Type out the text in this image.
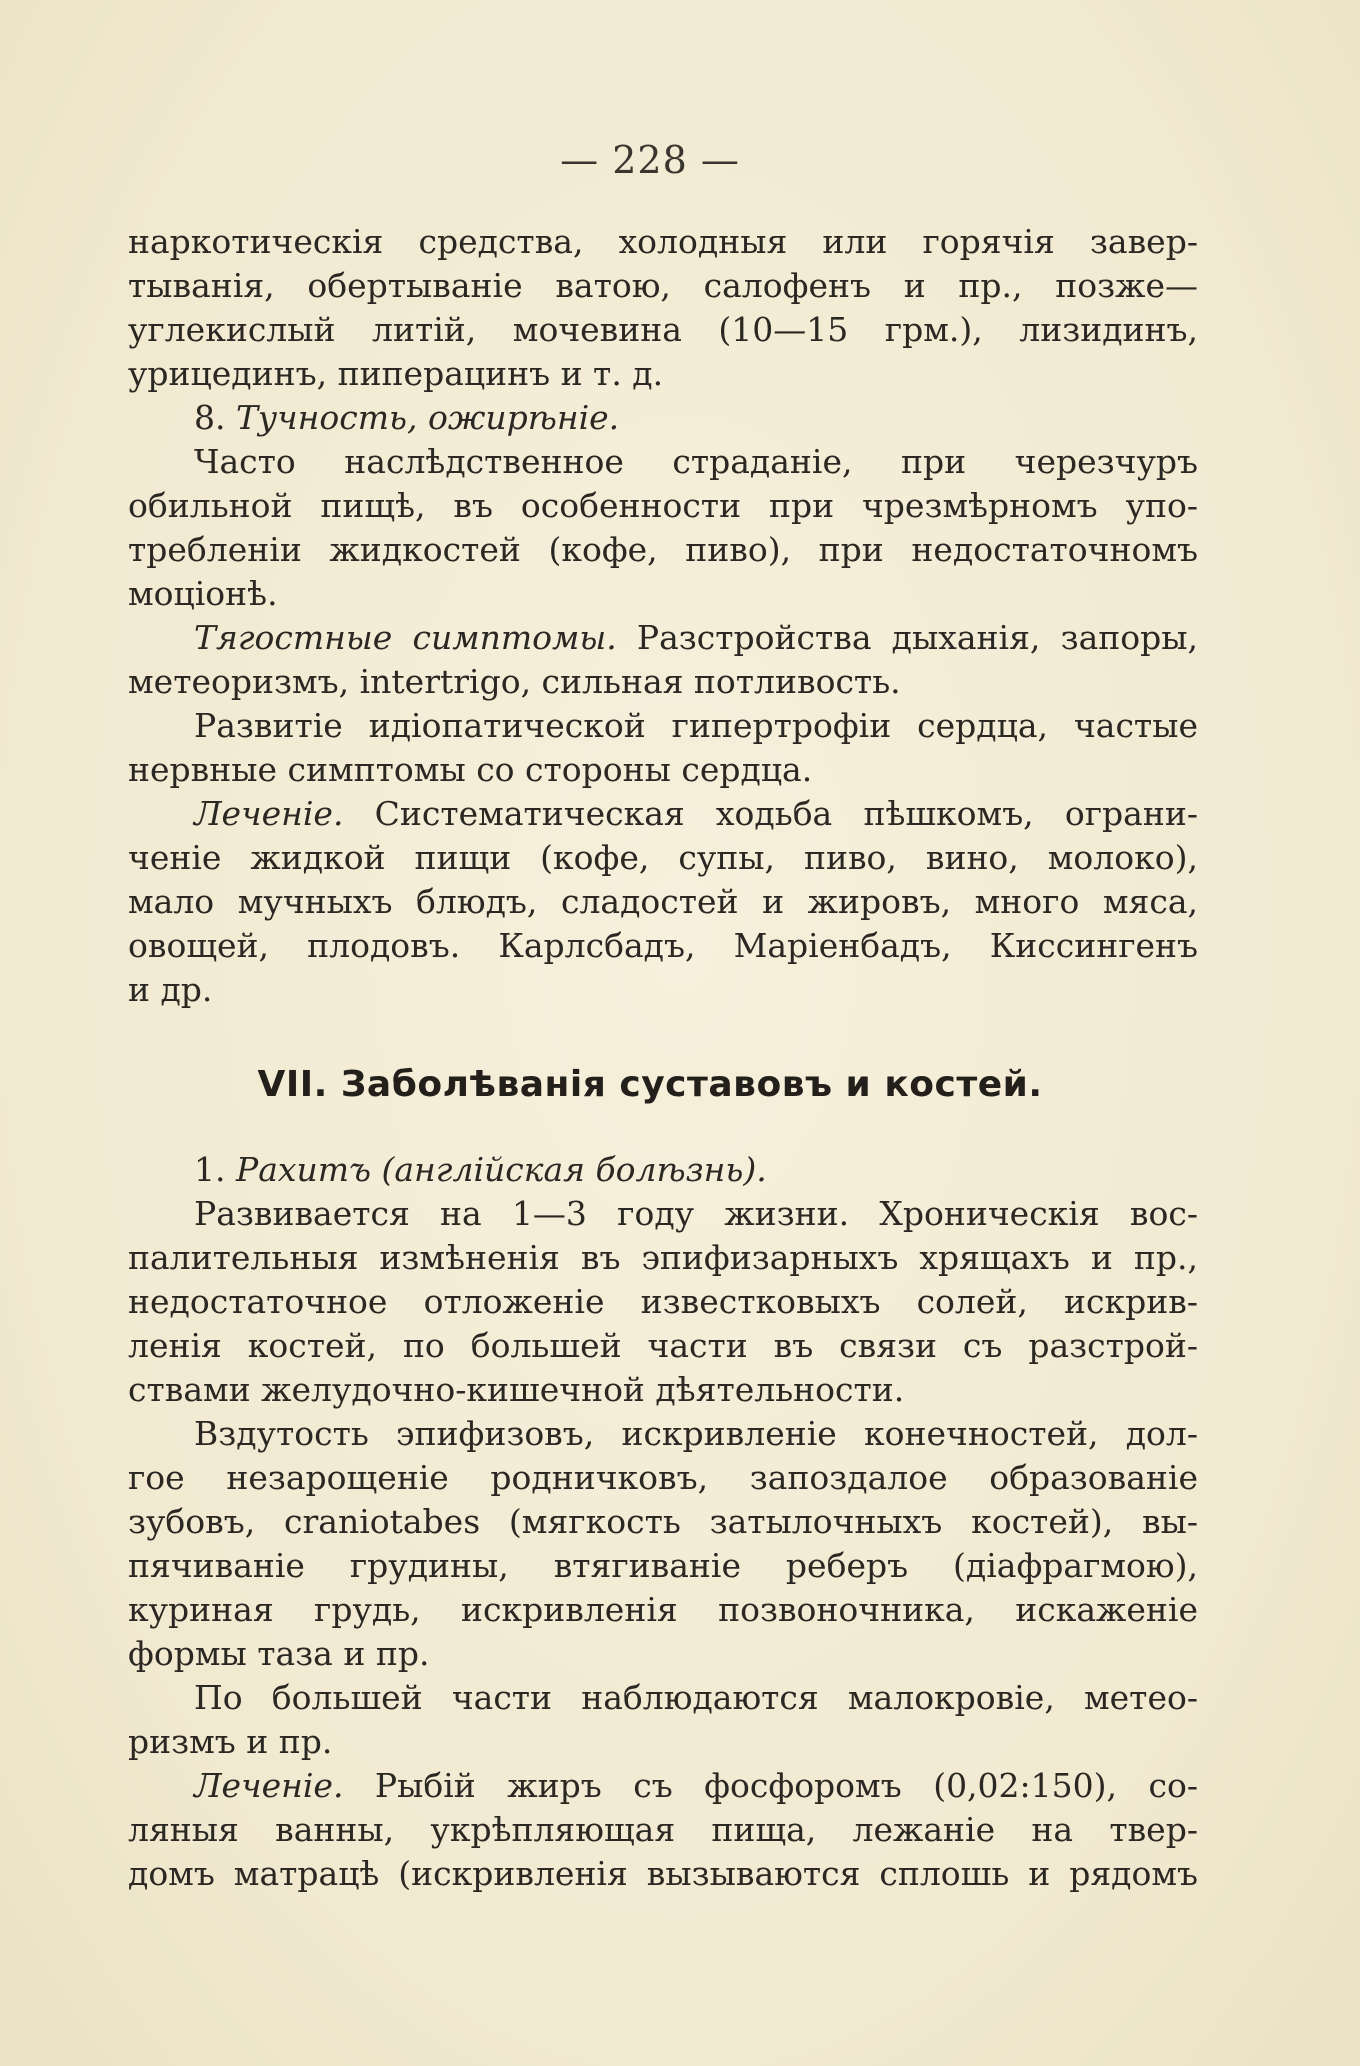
— 228 —
наркотическія средства, холодныя или горячія завер-
тыванія, обертываніе ватою, салофенъ и пр., позже—
углекислый литій, мочевина (10—15 грм.), лизидинъ,
урицединъ, пиперацинъ и т. д.
8. Тучность, ожирѣніе.
Часто наслѣдственное страданіе, при черезчуръ
обильной пищѣ, въ особенности при чрезмѣрномъ упо-
требленіи жидкостей (кофе, пиво), при недостаточномъ
моціонѣ.
Тягостные симптомы. Разстройства дыханія, запоры,
метеоризмъ, intertrigo, сильная потливость.
Развитіе идіопатической гипертрофіи сердца, частые
нервные симптомы со стороны сердца.
Леченіе. Систематическая ходьба пѣшкомъ, ограни-
ченіе жидкой пищи (кофе, супы, пиво, вино, молоко),
мало мучныхъ блюдъ, сладостей и жировъ, много мяса,
овощей, плодовъ. Карлсбадъ, Маріенбадъ, Киссингенъ
и др.
VII. Заболѣванія суставовъ и костей.
1. Рахитъ (англійская болѣзнь).
Развивается на 1—3 году жизни. Хроническія вос-
палительныя измѣненія въ эпифизарныхъ хрящахъ и пр.,
недостаточное отложеніе известковыхъ солей, искрив-
ленія костей, по большей части въ связи съ разстрой-
ствами желудочно-кишечной дѣятельности.
Вздутость эпифизовъ, искривленіе конечностей, дол-
гое незарощеніе родничковъ, запоздалое образованіе
зубовъ, craniotabes (мягкость затылочныхъ костей), вы-
пячиваніе грудины, втягиваніе реберъ (діафрагмою),
куриная грудь, искривленія позвоночника, искаженіе
формы таза и пр.
По большей части наблюдаются малокровіе, метео-
ризмъ и пр.
Леченіе. Рыбій жиръ съ фосфоромъ (0,02:150), со-
ляныя ванны, укрѣпляющая пища, лежаніе на твер-
домъ матрацѣ (искривленія вызываются сплошь и рядомъ
